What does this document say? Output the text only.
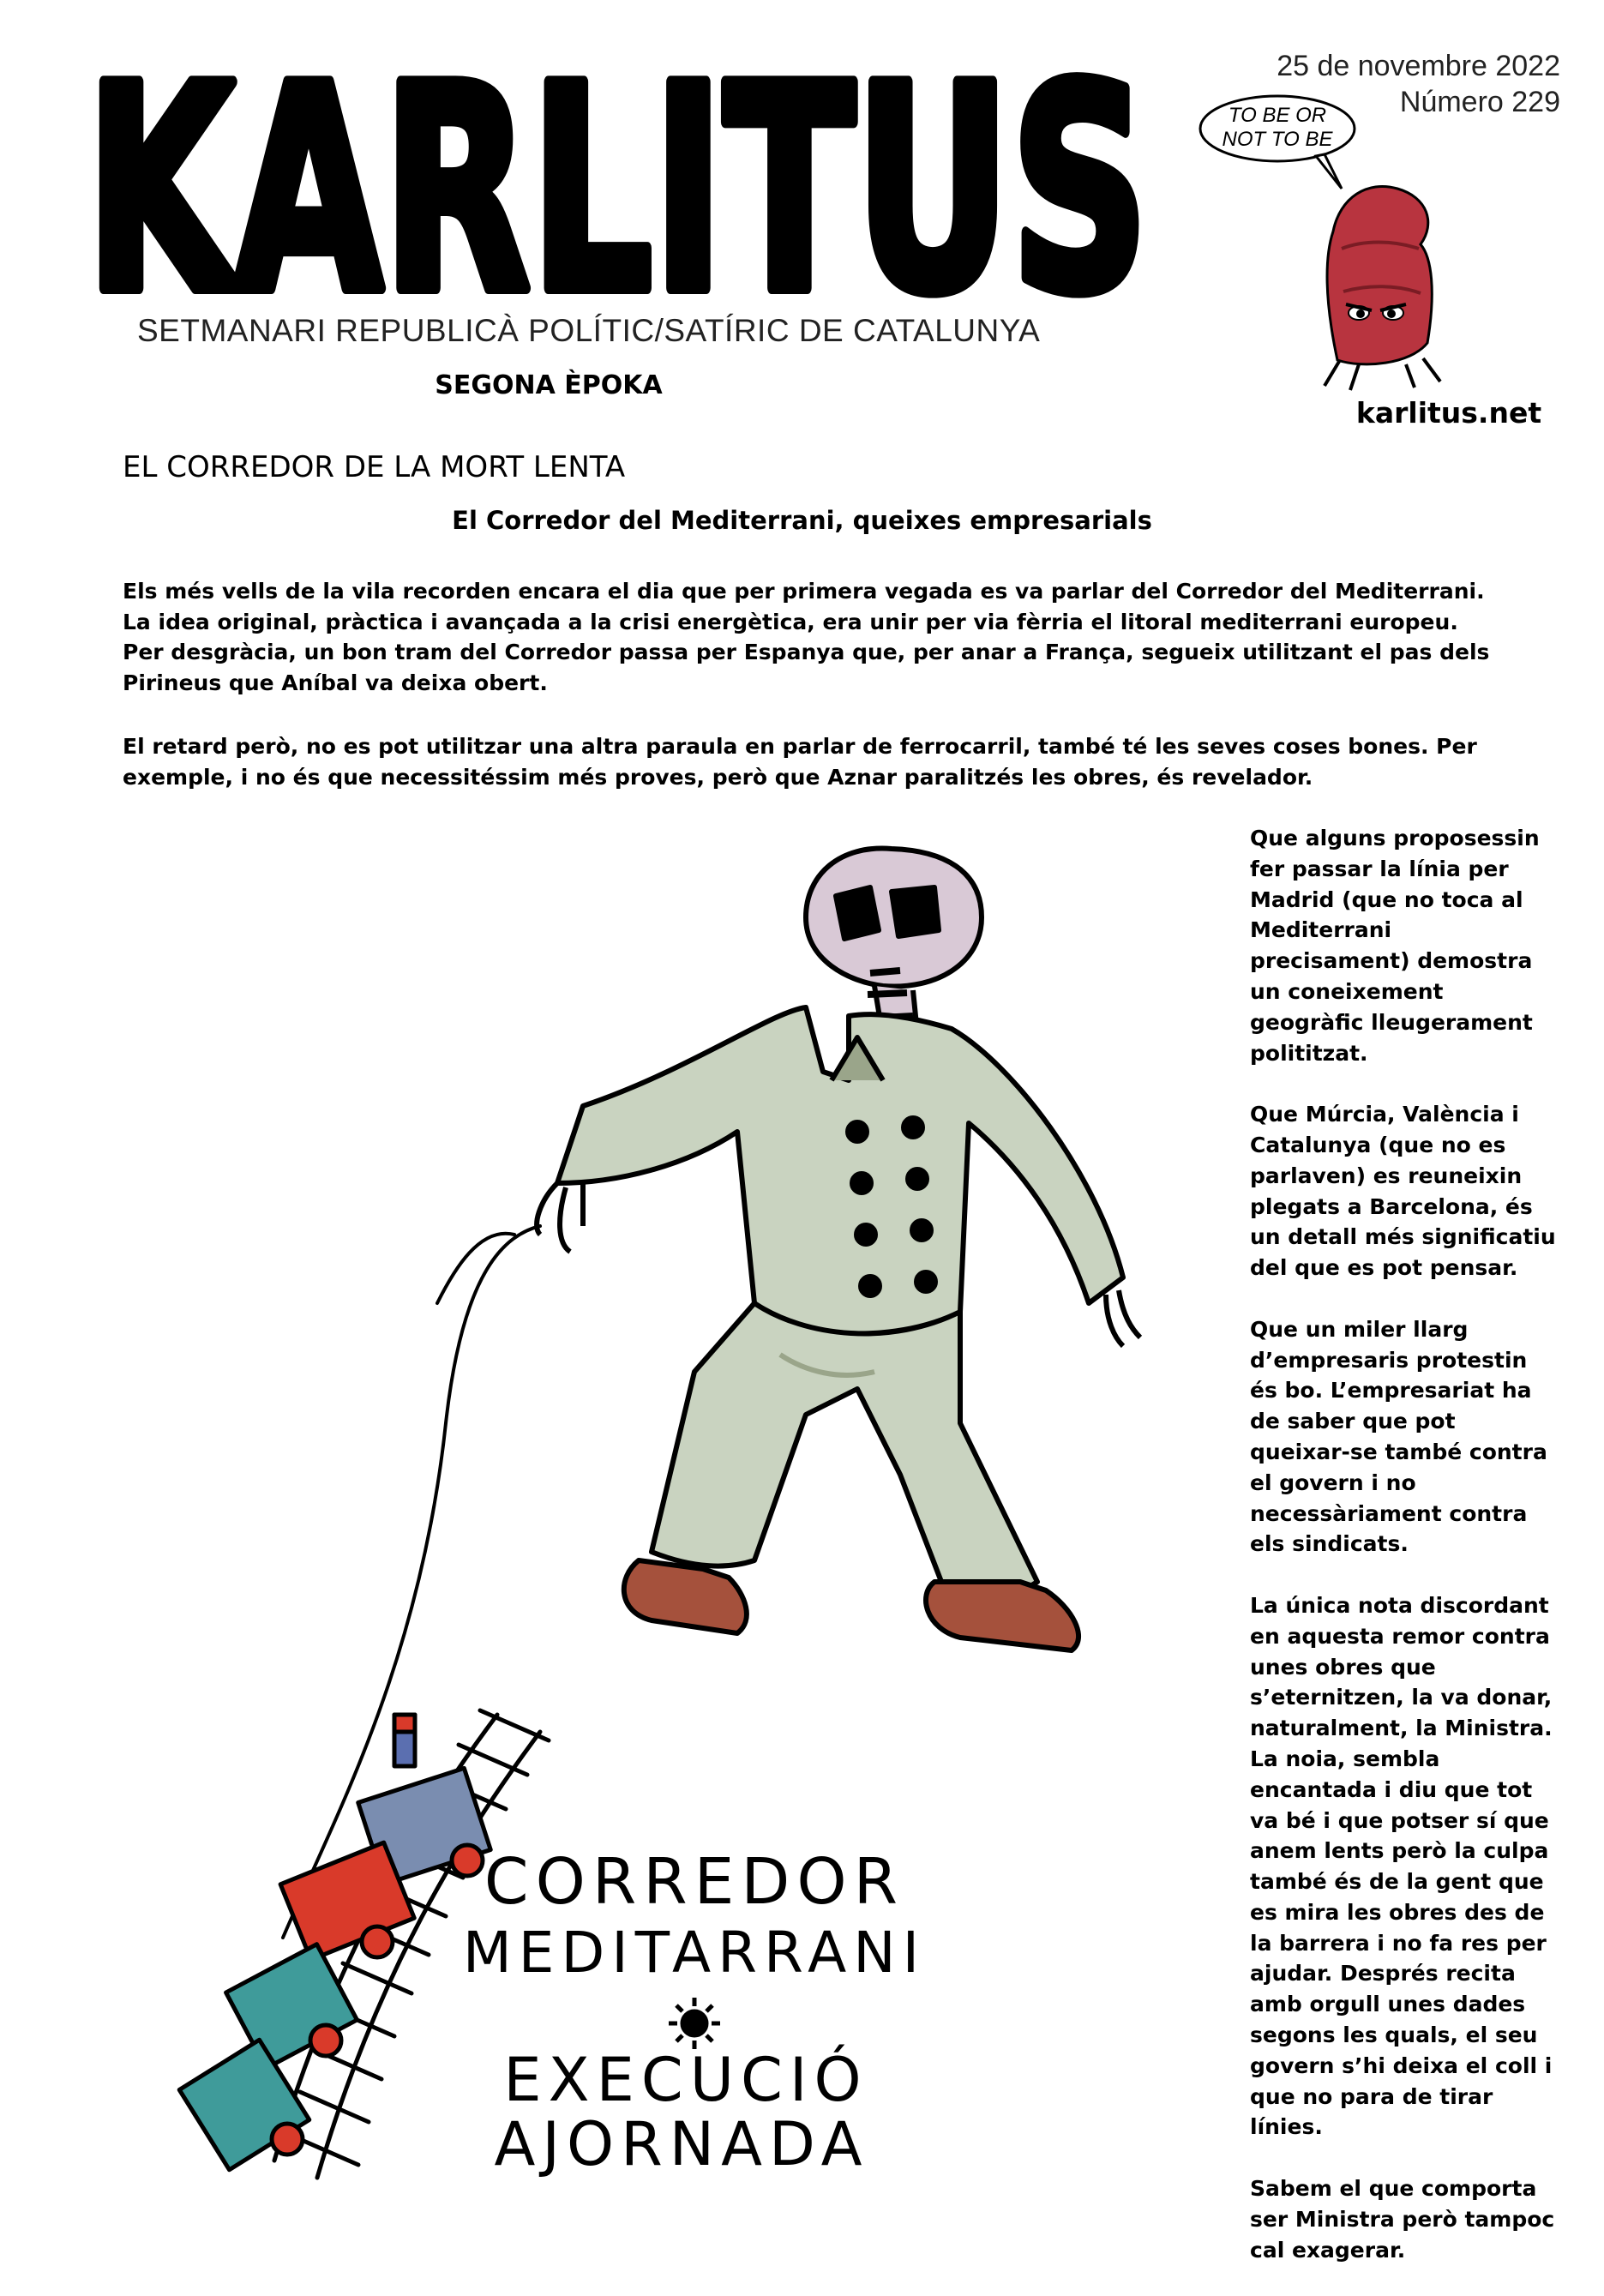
KARLITUS
SETMANARI REPUBLICÀ POLÍTIC/SATÍRIC DE CATALUNYA
SEGONA ÈPOKA
25 de novembre 2022
Número 229
TO BE OR
NOT TO BE
karlitus.net
EL CORREDOR DE LA MORT LENTA
El Corredor del Mediterrani, queixes empresarials

Els més vells de la vila recorden encara el dia que per primera vegada es va parlar del Corredor del Mediterrani. La idea original, pràctica i avançada a la crisi energètica, era unir per via fèrria el litoral mediterrani europeu. Per desgràcia, un bon tram del Corredor passa per Espanya que, per anar a França, segueix utilitzant el pas dels Pirineus que Aníbal va deixa obert.

El retard però, no es pot utilitzar una altra paraula en parlar de ferrocarril, també té les seves coses bones. Per exemple, i no és que necessitéssim més proves, però que Aznar paralitzés les obres, és revelador.

Que alguns proposessin fer passar la línia per Madrid (que no toca al Mediterrani precisament) demostra un coneixement geogràfic lleugerament polititzat.

Que Múrcia, València i Catalunya (que no es parlaven) es reuneixin plegats a Barcelona, és un detall més significatiu del que es pot pensar.

Que un miler llarg d’empresaris protestin és bo. L’empresariat ha de saber que pot queixar-se també contra el govern i no necessàriament contra els sindicats.

La única nota discordant en aquesta remor contra unes obres que s’eternitzen, la va donar, naturalment, la Ministra. La noia, sembla encantada i diu que tot va bé i que potser sí que anem lents però la culpa també és de la gent que es mira les obres des de la barrera i no fa res per ajudar. Després recita amb orgull unes dades segons les quals, el seu govern s’hi deixa el coll i que no para de tirar línies.

Sabem el que comporta ser Ministra però tampoc cal exagerar.

CORREDOR
MEDITARRANI
EXECUCIÓ
AJORNADA
